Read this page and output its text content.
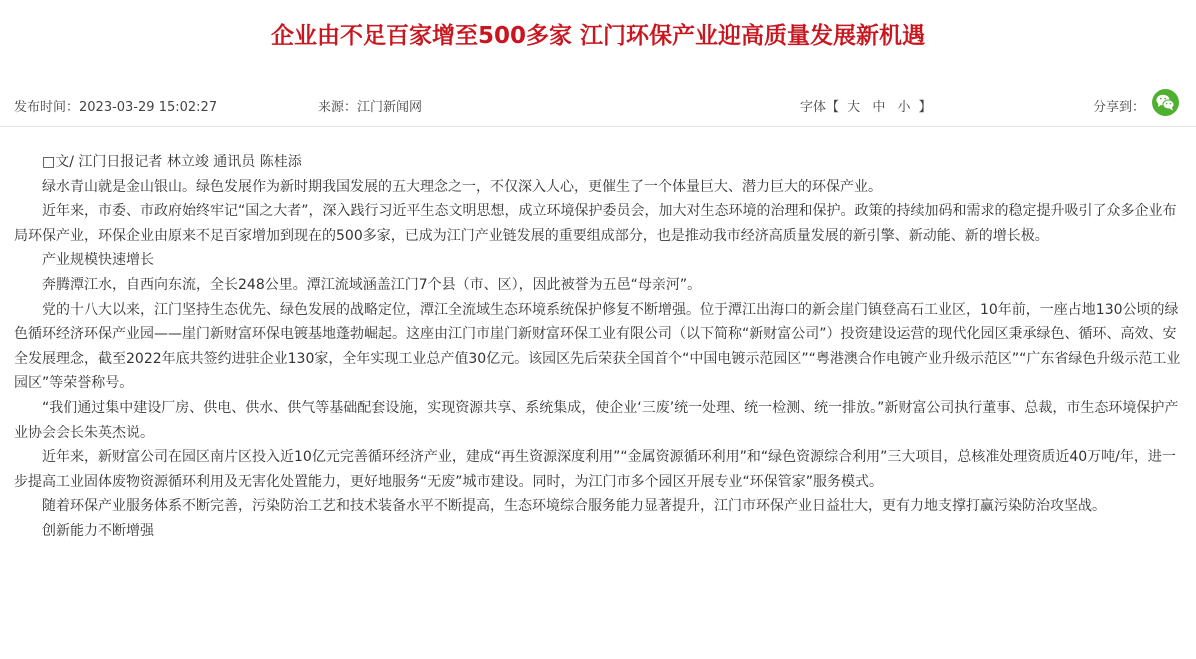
企业由不足百家增至500多家 江门环保产业迎高质量发展新机遇
发布时间：2023-03-29 15:02:27	来源：江门新闻网	字体【 大 中 小 】	分享到：

□文/ 江门日报记者 林立竣 通讯员 陈桂添

绿水青山就是金山银山。绿色发展作为新时期我国发展的五大理念之一，不仅深入人心，更催生了一个体量巨大、潜力巨大的环保产业。

近年来，市委、市政府始终牢记“国之大者”，深入践行习近平生态文明思想，成立环境保护委员会，加大对生态环境的治理和保护。政策的持续加码和需求的稳定提升吸引了众多企业布局环保产业，环保企业由原来不足百家增加到现在的500多家，已成为江门产业链发展的重要组成部分，也是推动我市经济高质量发展的新引擎、新动能、新的增长极。

产业规模快速增长

奔腾潭江水，自西向东流，全长248公里。潭江流域涵盖江门7个县（市、区），因此被誉为五邑“母亲河”。

党的十八大以来，江门坚持生态优先、绿色发展的战略定位，潭江全流域生态环境系统保护修复不断增强。位于潭江出海口的新会崖门镇登高石工业区，10年前，一座占地130公顷的绿色循环经济环保产业园——崖门新财富环保电镀基地蓬勃崛起。这座由江门市崖门新财富环保工业有限公司（以下简称“新财富公司”）投资建设运营的现代化园区秉承绿色、循环、高效、安全发展理念，截至2022年底共签约进驻企业130家，全年实现工业总产值30亿元。该园区先后荣获全国首个“中国电镀示范园区”“粤港澳合作电镀产业升级示范区”“广东省绿色升级示范工业园区”等荣誉称号。

“我们通过集中建设厂房、供电、供水、供气等基础配套设施，实现资源共享、系统集成，使企业‘三废’统一处理、统一检测、统一排放。”新财富公司执行董事、总裁，市生态环境保护产业协会会长朱英杰说。

近年来，新财富公司在园区南片区投入近10亿元完善循环经济产业，建成“再生资源深度利用”“金属资源循环利用”和“绿色资源综合利用”三大项目，总核准处理资质近40万吨/年，进一步提高工业固体废物资源循环利用及无害化处置能力，更好地服务“无废”城市建设。同时，为江门市多个园区开展专业“环保管家”服务模式。

随着环保产业服务体系不断完善，污染防治工艺和技术装备水平不断提高，生态环境综合服务能力显著提升，江门市环保产业日益壮大，更有力地支撑打赢污染防治攻坚战。

创新能力不断增强
